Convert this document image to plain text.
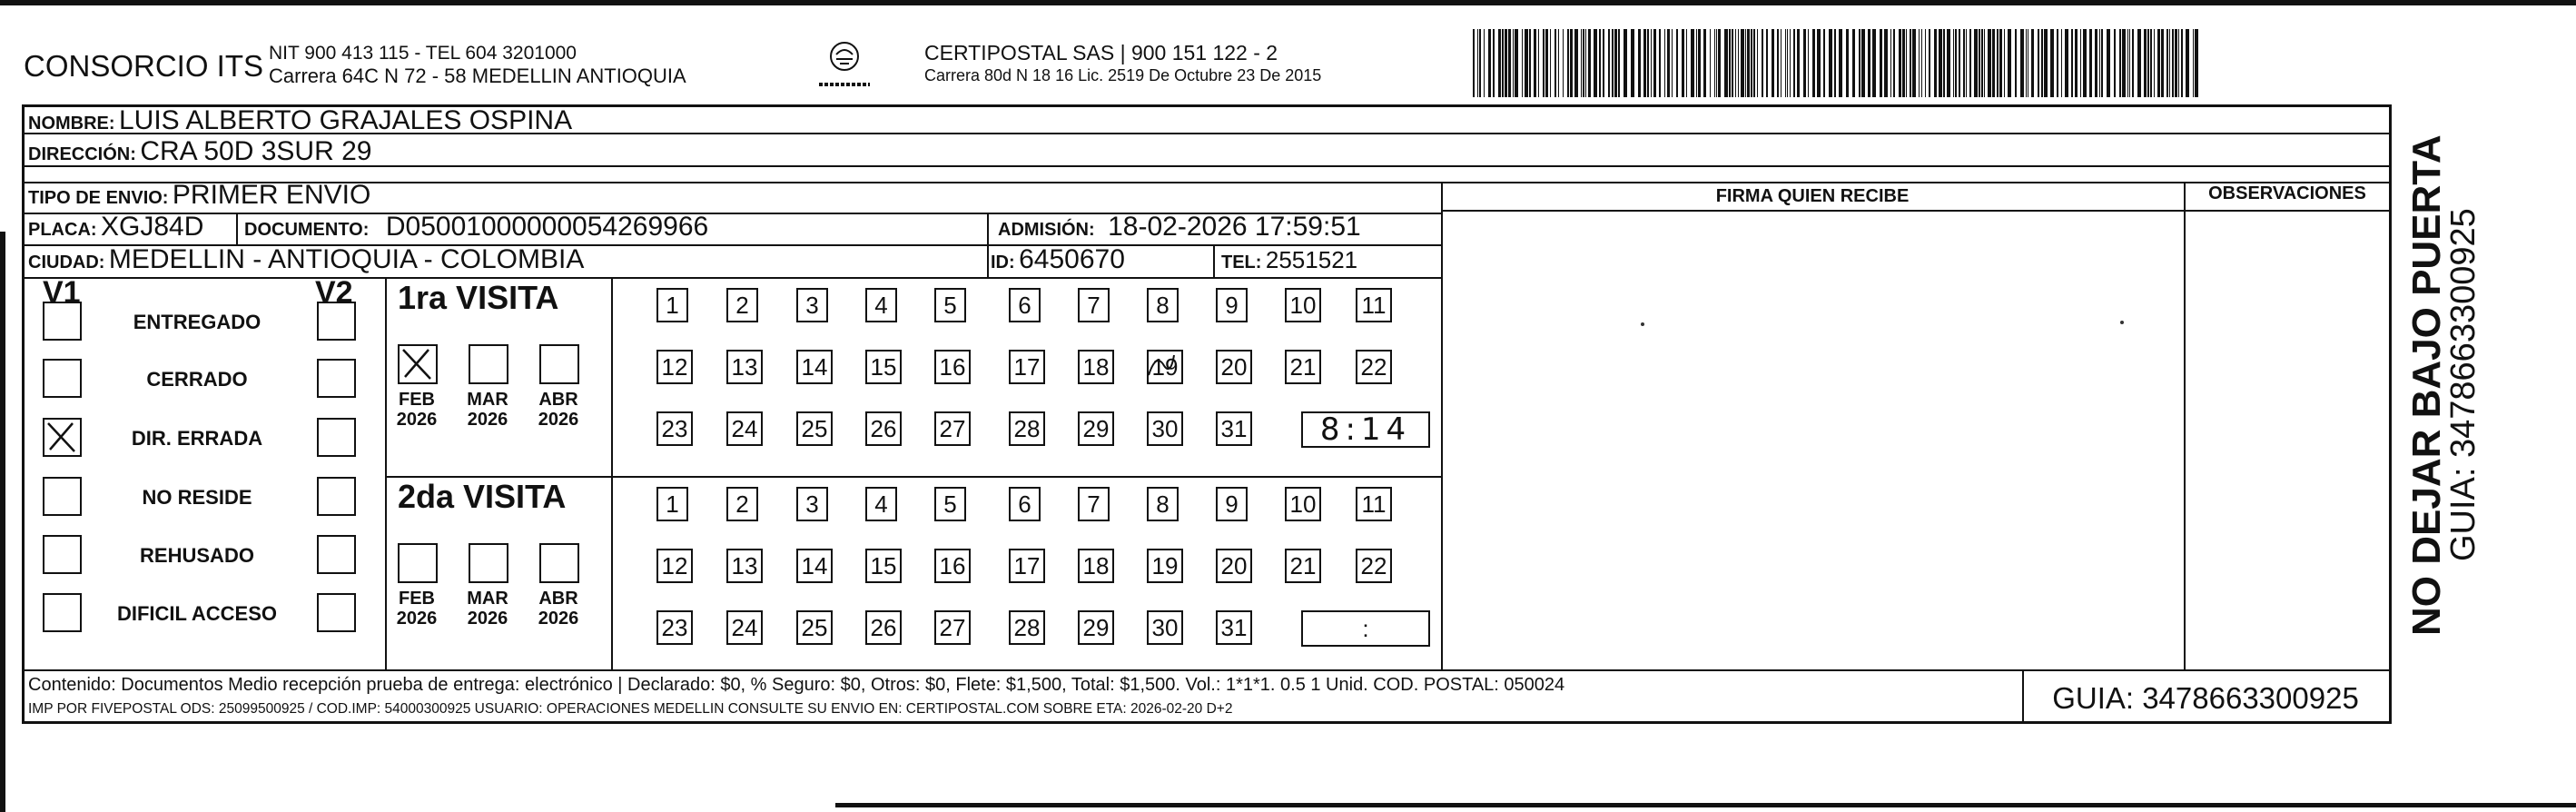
CONSORCIO ITS NIT 900 413 115 - TEL 604 3201000
Carrera 64C N 72 - 58 MEDELLIN ANTIOQUIA
CERTIPOSTAL SAS | 900 151 122 - 2
Carrera 80d N 18 16 Lic. 2519 De Octubre 23 De 2015
NOMBRE: LUIS ALBERTO GRAJALES OSPINA
DIRECCIÓN: CRA 50D 3SUR 29
TIPO DE ENVIO: PRIMER ENVIO
PLACA: XGJ84D DOCUMENTO: D05001000000054269966	ADMISIÓN: 18-02-2026 17:59:51
CIUDAD: MEDELLIN - ANTIOQUIA - COLOMBIA	ID: 6450670	TEL: 2551521
FIRMA QUIEN RECIBE	OBSERVACIONES
V1	V2
ENTREGADO
CERRADO
DIR. ERRADA
NO RESIDE
REHUSADO
DIFICIL ACCESO
1ra VISITA
FEB
2026
MAR
2026
ABR
2026
1	2	3	4	5	6	7	8	9	10 11
12 13 14 15 16 17 18 19 20 21 22
23 24 25 26 27 28 29 30 31	8:14
2da VISITA
FEB
2026
MAR
2026
ABR
2026
1	2	3	4	5	6	7	8	9	10 11
12 13 14 15 16 17 18 19 20 21 22
23 24 25 26 27 28 29 30 31	:
Contenido: Documentos Medio recepción prueba de entrega: electrónico | Declarado: $0, % Seguro: $0, Otros: $0, Flete: $1,500, Total: $1,500. Vol.: 1*1*1. 0.5 1 Unid. COD. POSTAL: 050024
IMP POR FIVEPOSTAL ODS: 25099500925 / COD.IMP: 54000300925 USUARIO: OPERACIONES MEDELLIN CONSULTE SU ENVIO EN: CERTIPOSTAL.COM SOBRE ETA: 2026-02-20 D+2	GUIA: 3478663300925
NO DEJAR BAJO PUERTA
GUIA: 3478663300925
